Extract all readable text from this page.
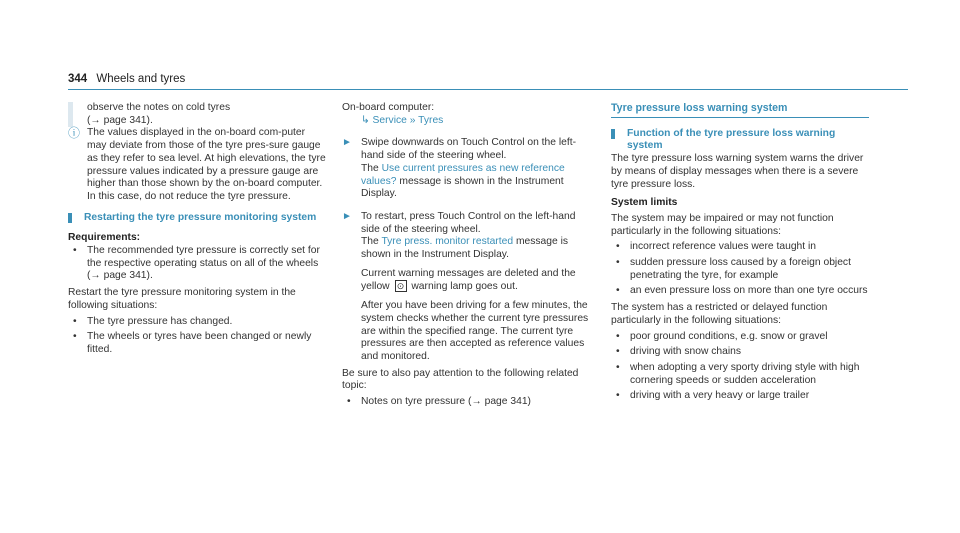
344 Wheels and tyres

observe the notes on cold tyres

(→ page 341).

ⓘ The values displayed in the on-board com-puter may deviate from those of the tyre pres-sure gauge as they refer to sea level. At high elevations, the tyre pressure values indicated by a pressure gauge are higher than those shown by the on-board computer. In this case, do not reduce the tyre pressure.

Restarting the tyre pressure monitoring system

Requirements:

• The recommended tyre pressure is correctly set for the respective operating status on all of the wheels (→ page 341).

Restart the tyre pressure monitoring system in the following situations:

• The tyre pressure has changed.
• The wheels or tyres have been changed or newly fitted.

On-board computer:

↳ Service » Tyres

► Swipe downwards on Touch Control on the left-hand side of the steering wheel.

The Use current pressures as new reference values? message is shown in the Instrument Display.

► To restart, press Touch Control on the left-hand side of the steering wheel.

The Tyre press. monitor restarted message is shown in the Instrument Display.

Current warning messages are deleted and the yellow ⊙ warning lamp goes out.

After you have been driving for a few minutes, the system checks whether the current tyre pressures are within the specified range. The current tyre pressures are then accepted as reference values and monitored.

Be sure to also pay attention to the following related topic:

• Notes on tyre pressure (→ page 341)

Tyre pressure loss warning system

Function of the tyre pressure loss warning system

The tyre pressure loss warning system warns the driver by means of display messages when there is a severe tyre pressure loss.

System limits

The system may be impaired or may not function particularly in the following situations:

• incorrect reference values were taught in
• sudden pressure loss caused by a foreign object penetrating the tyre, for example
• an even pressure loss on more than one tyre occurs

The system has a restricted or delayed function particularly in the following situations:

• poor ground conditions, e.g. snow or gravel
• driving with snow chains
• when adopting a very sporty driving style with high cornering speeds or sudden acceleration
• driving with a very heavy or large trailer
